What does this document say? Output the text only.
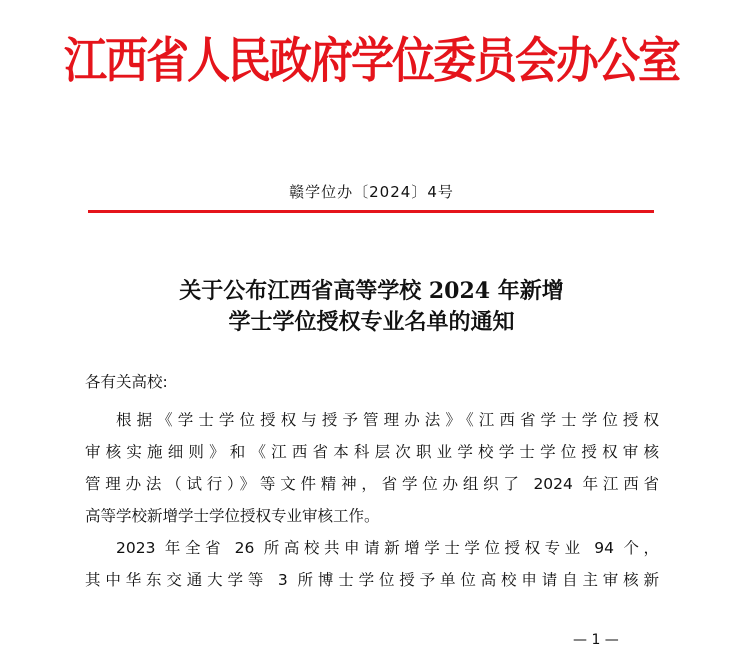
江西省人民政府学位委员会办公室
赣学位办〔2024〕4号
关于公布江西省高等学校 2024 年新增
学士学位授权专业名单的通知
各有关高校:
根据《学士学位授权与授予管理办法》《江西省学士学位授权
审核实施细则》和《江西省本科层次职业学校学士学位授权审核
管理办法（试行）》等文件精神，省学位办组织了 2024 年江西省
高等学校新增学士学位授权专业审核工作。
2023 年全省 26 所高校共申请新增学士学位授权专业 94 个，
其中华东交通大学等 3 所博士学位授予单位高校申请自主审核新
— 1 —
